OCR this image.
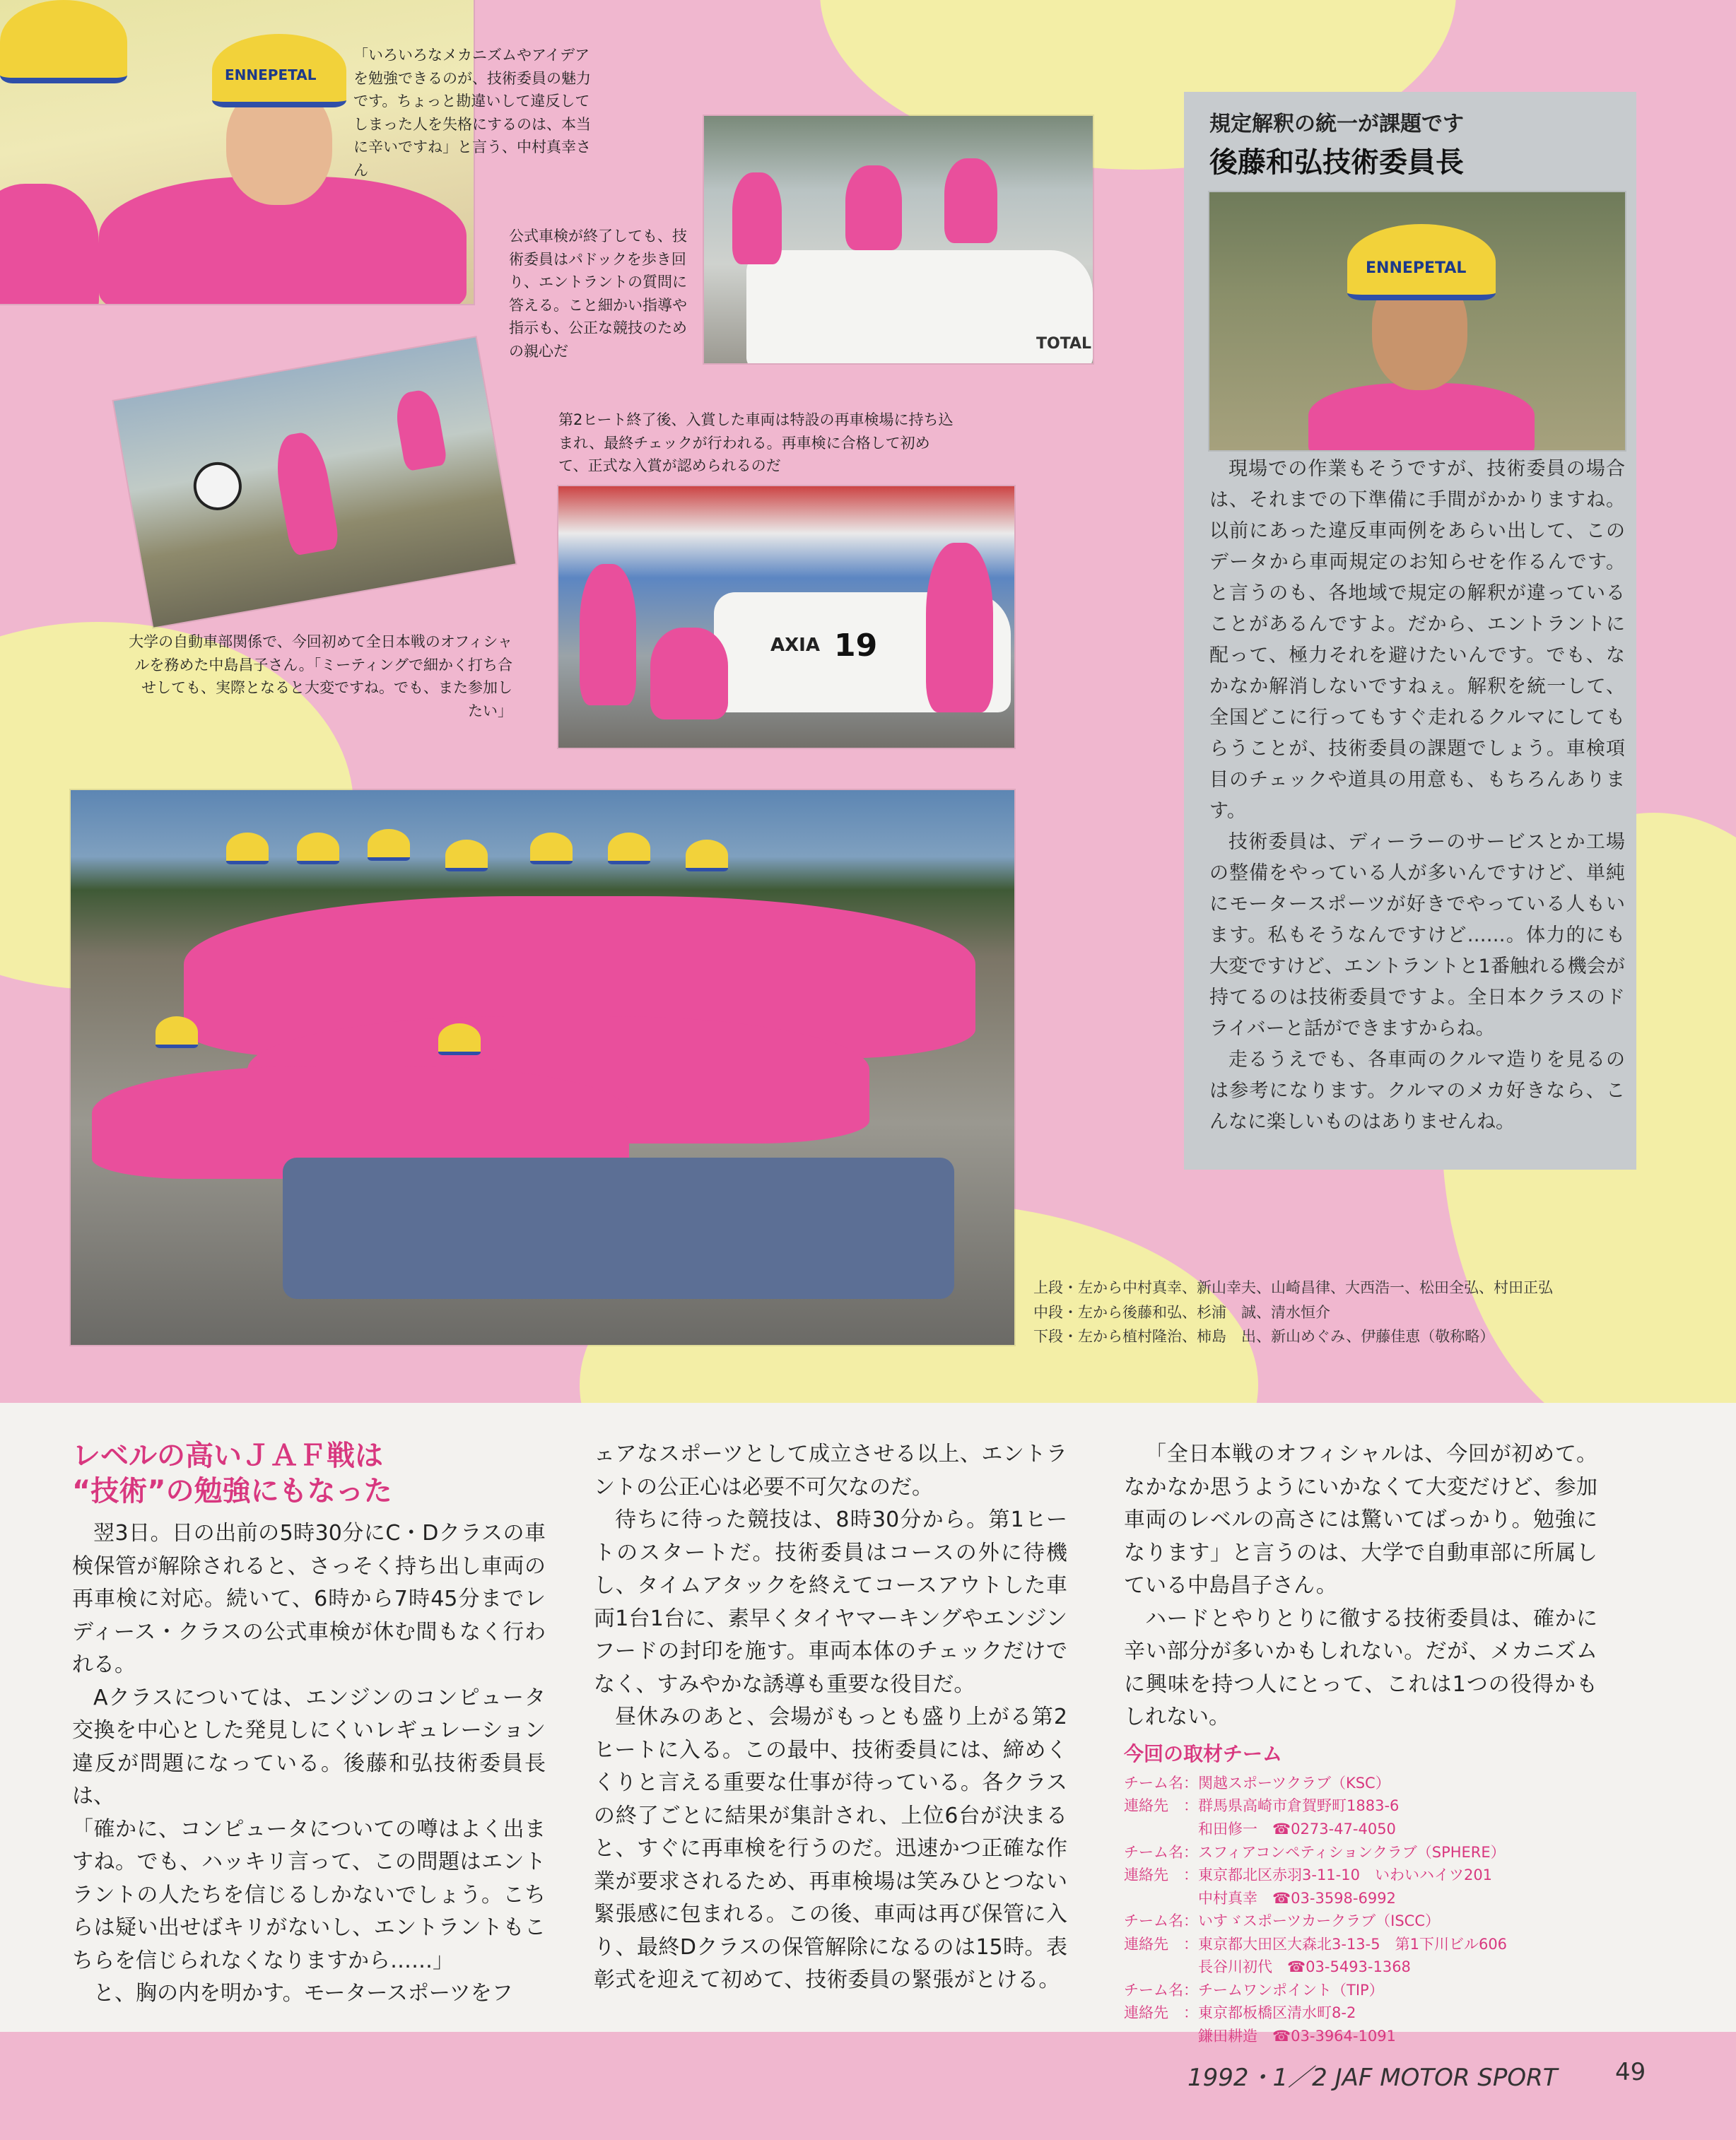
ENNEPETAL
「いろいろなメカニズムやアイデアを勉強できるのが、技術委員の魅力です。ちょっと勘違いして違反してしまった人を失格にするのは、本当に辛いですね」と言う、中村真幸さん
TOTAL
公式車検が終了しても、技術委員はパドックを歩き回り、エントラントの質問に答える。こと細かい指導や指示も、公正な競技のための親心だ
大学の自動車部関係で、今回初めて全日本戦のオフィシャルを務めた中島昌子さん。「ミーティングで細かく打ち合せしても、実際となると大変ですね。でも、また参加したい」
第2ヒート終了後、入賞した車両は特設の再車検場に持ち込まれ、最終チェックが行われる。再車検に合格して初めて、正式な入賞が認められるのだ
19
AXIA
規定解釈の統一が課題です
後藤和弘技術委員長
ENNEPETAL

現場での作業もそうですが、技術委員の場合は、それまでの下準備に手間がかかりますね。以前にあった違反車両例をあらい出して、このデータから車両規定のお知らせを作るんです。と言うのも、各地域で規定の解釈が違っていることがあるんですよ。だから、エントラントに配って、極力それを避けたいんです。でも、なかなか解消しないですねぇ。解釈を統一して、全国どこに行ってもすぐ走れるクルマにしてもらうことが、技術委員の課題でしょう。車検項目のチェックや道具の用意も、もちろんあります。

技術委員は、ディーラーのサービスとか工場の整備をやっている人が多いんですけど、単純にモータースポーツが好きでやっている人もいます。私もそうなんですけど……。体力的にも大変ですけど、エントラントと1番触れる機会が持てるのは技術委員ですよ。全日本クラスのドライバーと話ができますからね。

走るうえでも、各車両のクルマ造りを見るのは参考になります。クルマのメカ好きなら、こんなに楽しいものはありませんね。

上段・左から中村真幸、新山幸夫、山崎昌律、大西浩一、松田全弘、村田正弘
中段・左から後藤和弘、杉浦　誠、清水恒介
下段・左から植村隆治、柿島　出、新山めぐみ、伊藤佳恵（敬称略）
レベルの高いＪＡＦ戦は
“技術”の勉強にもなった

翌3日。日の出前の5時30分にC・Dクラスの車検保管が解除されると、さっそく持ち出し車両の再車検に対応。続いて、6時から7時45分までレディース・クラスの公式車検が休む間もなく行われる。

Aクラスについては、エンジンのコンピュータ交換を中心とした発見しにくいレギュレーション違反が問題になっている。後藤和弘技術委員長は、

「確かに、コンピュータについての噂はよく出ますね。でも、ハッキリ言って、この問題はエントラントの人たちを信じるしかないでしょう。こちらは疑い出せばキリがないし、エントラントもこちらを信じられなくなりますから……」

と、胸の内を明かす。モータースポーツをフ

ェアなスポーツとして成立させる以上、エントラントの公正心は必要不可欠なのだ。

待ちに待った競技は、8時30分から。第1ヒートのスタートだ。技術委員はコースの外に待機し、タイムアタックを終えてコースアウトした車両1台1台に、素早くタイヤマーキングやエンジンフードの封印を施す。車両本体のチェックだけでなく、すみやかな誘導も重要な役目だ。

昼休みのあと、会場がもっとも盛り上がる第2ヒートに入る。この最中、技術委員には、締めくくりと言える重要な仕事が待っている。各クラスの終了ごとに結果が集計され、上位6台が決まると、すぐに再車検を行うのだ。迅速かつ正確な作業が要求されるため、再車検場は笑みひとつない緊張感に包まれる。この後、車両は再び保管に入り、最終Dクラスの保管解除になるのは15時。表彰式を迎えて初めて、技術委員の緊張がとける。

「全日本戦のオフィシャルは、今回が初めて。なかなか思うようにいかなくて大変だけど、参加車両のレベルの高さには驚いてばっかり。勉強になります」と言うのは、大学で自動車部に所属している中島昌子さん。

ハードとやりとりに徹する技術委員は、確かに辛い部分が多いかもしれない。だが、メカニズムに興味を持つ人にとって、これは1つの役得かもしれない。

今回の取材チーム
チーム名：関越スポーツクラブ（KSC）
連絡先　：群馬県高崎市倉賀野町1883-6
和田修一　☎0273-47-4050
チーム名：スフィアコンペティションクラブ（SPHERE）
連絡先　：東京都北区赤羽3-11-10　いわいハイツ201
中村真幸　☎03-3598-6992
チーム名：いすゞスポーツカークラブ（ISCC）
連絡先　：東京都大田区大森北3-13-5　第1下川ビル606
長谷川初代　☎03-5493-1368
チーム名：チームワンポイント（TIP）
連絡先　：東京都板橋区清水町8-2
鎌田耕造　☎03-3964-1091
1992・1／2 JAF MOTOR SPORT 49
